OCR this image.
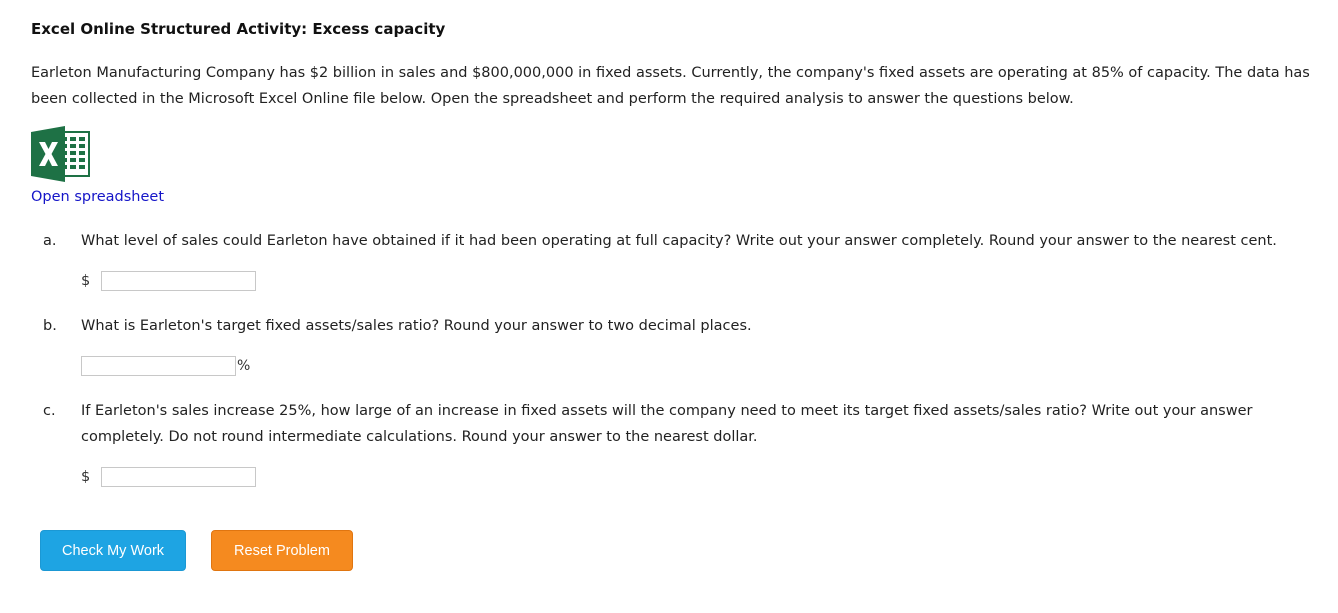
Excel Online Structured Activity: Excess capacity
Earleton Manufacturing Company has $2 billion in sales and $800,000,000 in fixed assets. Currently, the company's fixed assets are operating at 85% of capacity. The data has been collected in the Microsoft Excel Online file below. Open the spreadsheet and perform the required analysis to answer the questions below.
Open spreadsheet
a. What level of sales could Earleton have obtained if it had been operating at full capacity? Write out your answer completely. Round your answer to the nearest cent.
$
b. What is Earleton's target fixed assets/sales ratio? Round your answer to two decimal places.
%
c. If Earleton's sales increase 25%, how large of an increase in fixed assets will the company need to meet its target fixed assets/sales ratio? Write out your answer completely. Do not round intermediate calculations. Round your answer to the nearest dollar.
$
Check My Work	Reset Problem
